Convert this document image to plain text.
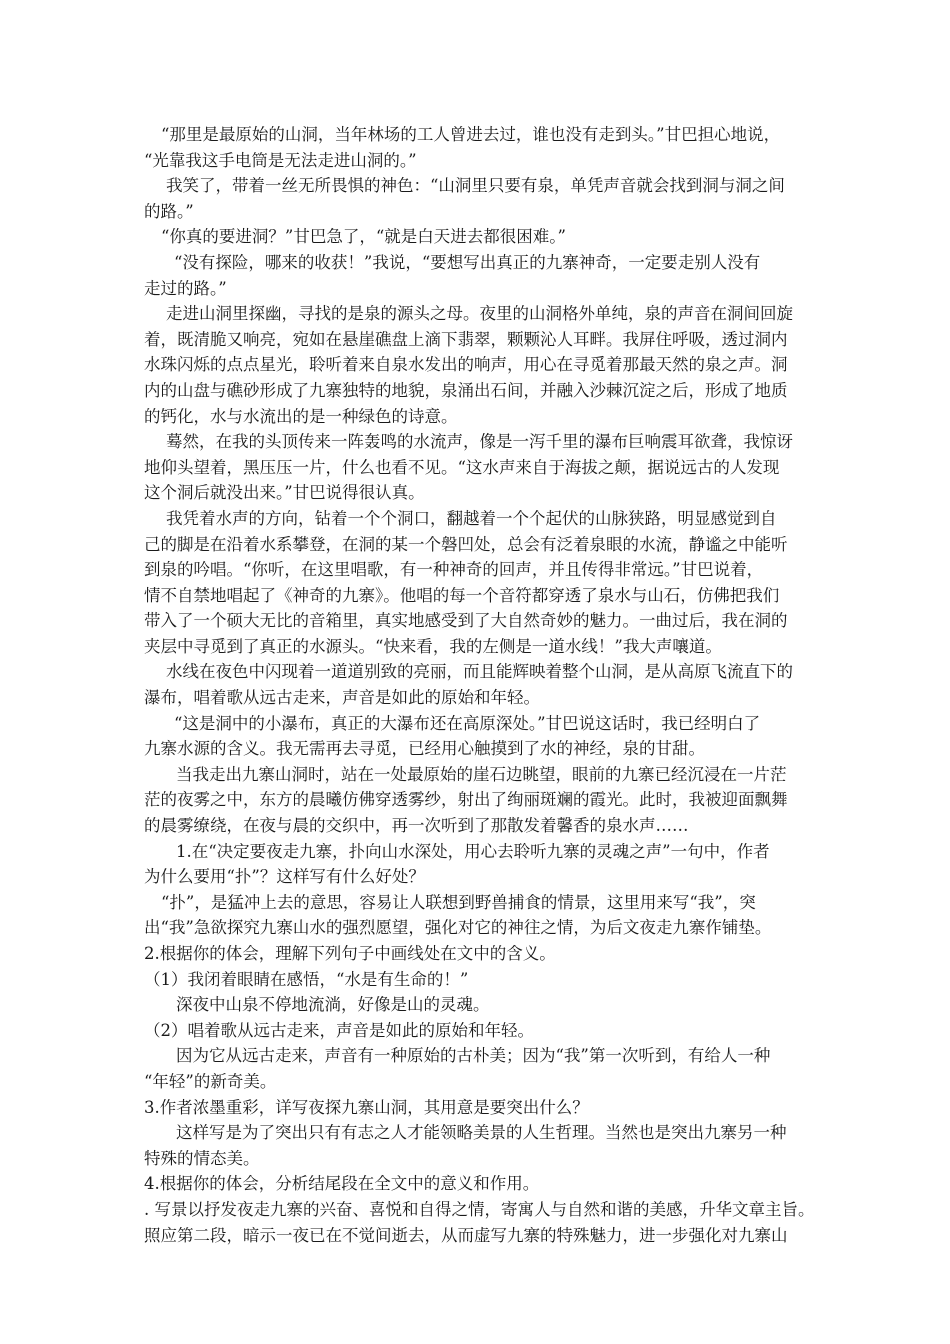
“那里是最原始的山洞，当年林场的工人曾进去过，谁也没有走到头。”甘巴担心地说，

“光靠我这手电筒是无法走进山洞的。”

我笑了，带着一丝无所畏惧的神色：“山洞里只要有泉，单凭声音就会找到洞与洞之间

的路。”

“你真的要进洞？”甘巴急了，“就是白天进去都很困难。”

“没有探险，哪来的收获！”我说，“要想写出真正的九寨神奇，一定要走别人没有

走过的路。”

走进山洞里探幽，寻找的是泉的源头之母。夜里的山洞格外单纯，泉的声音在洞间回旋

着，既清脆又响亮，宛如在悬崖礁盘上滴下翡翠，颗颗沁人耳畔。我屏住呼吸，透过洞内

水珠闪烁的点点星光，聆听着来自泉水发出的响声，用心在寻觅着那最天然的泉之声。洞

内的山盘与礁砂形成了九寨独特的地貌，泉涌出石间，并融入沙棘沉淀之后，形成了地质

的钙化，水与水流出的是一种绿色的诗意。

蓦然，在我的头顶传来一阵轰鸣的水流声，像是一泻千里的瀑布巨响震耳欲聋，我惊讶

地仰头望着，黑压压一片，什么也看不见。“这水声来自于海拔之颠，据说远古的人发现

这个洞后就没出来。”甘巴说得很认真。

我凭着水声的方向，钻着一个个洞口，翻越着一个个起伏的山脉狭路，明显感觉到自

己的脚是在沿着水系攀登，在洞的某一个磐凹处，总会有泛着泉眼的水流，静谧之中能听

到泉的吟唱。“你听，在这里唱歌，有一种神奇的回声，并且传得非常远。”甘巴说着，

情不自禁地唱起了《神奇的九寨》。他唱的每一个音符都穿透了泉水与山石，仿佛把我们

带入了一个硕大无比的音箱里，真实地感受到了大自然奇妙的魅力。一曲过后，我在洞的

夹层中寻觅到了真正的水源头。“快来看，我的左侧是一道水线！”我大声嚷道。

水线在夜色中闪现着一道道别致的亮丽，而且能辉映着整个山洞，是从高原飞流直下的

瀑布，唱着歌从远古走来，声音是如此的原始和年轻。

“这是洞中的小瀑布，真正的大瀑布还在高原深处。”甘巴说这话时，我已经明白了

九寨水源的含义。我无需再去寻觅，已经用心触摸到了水的神经，泉的甘甜。

当我走出九寨山洞时，站在一处最原始的崖石边眺望，眼前的九寨已经沉浸在一片茫

茫的夜雾之中，东方的晨曦仿佛穿透雾纱，射出了绚丽斑斓的霞光。此时，我被迎面飘舞

的晨雾缭绕，在夜与晨的交织中，再一次听到了那散发着馨香的泉水声……

1.在“决定要夜走九寨，扑向山水深处，用心去聆听九寨的灵魂之声”一句中，作者

为什么要用“扑”？这样写有什么好处？

“扑”，是猛冲上去的意思，容易让人联想到野兽捕食的情景，这里用来写“我”，突

出“我”急欲探究九寨山水的强烈愿望，强化对它的神往之情，为后文夜走九寨作铺垫。

2.根据你的体会，理解下列句子中画线处在文中的含义。

（1）我闭着眼睛在感悟，“水是有生命的！”

深夜中山泉不停地流淌，好像是山的灵魂。

（2）唱着歌从远古走来，声音是如此的原始和年轻。

因为它从远古走来，声音有一种原始的古朴美；因为“我”第一次听到，有给人一种

“年轻”的新奇美。

3.作者浓墨重彩，详写夜探九寨山洞，其用意是要突出什么？

这样写是为了突出只有有志之人才能领略美景的人生哲理。当然也是突出九寨另一种

特殊的情态美。

4.根据你的体会，分析结尾段在全文中的意义和作用。

. 写景以抒发夜走九寨的兴奋、喜悦和自得之情，寄寓人与自然和谐的美感，升华文章主旨。

照应第二段，暗示一夜已在不觉间逝去，从而虚写九寨的特殊魅力，进一步强化对九寨山
